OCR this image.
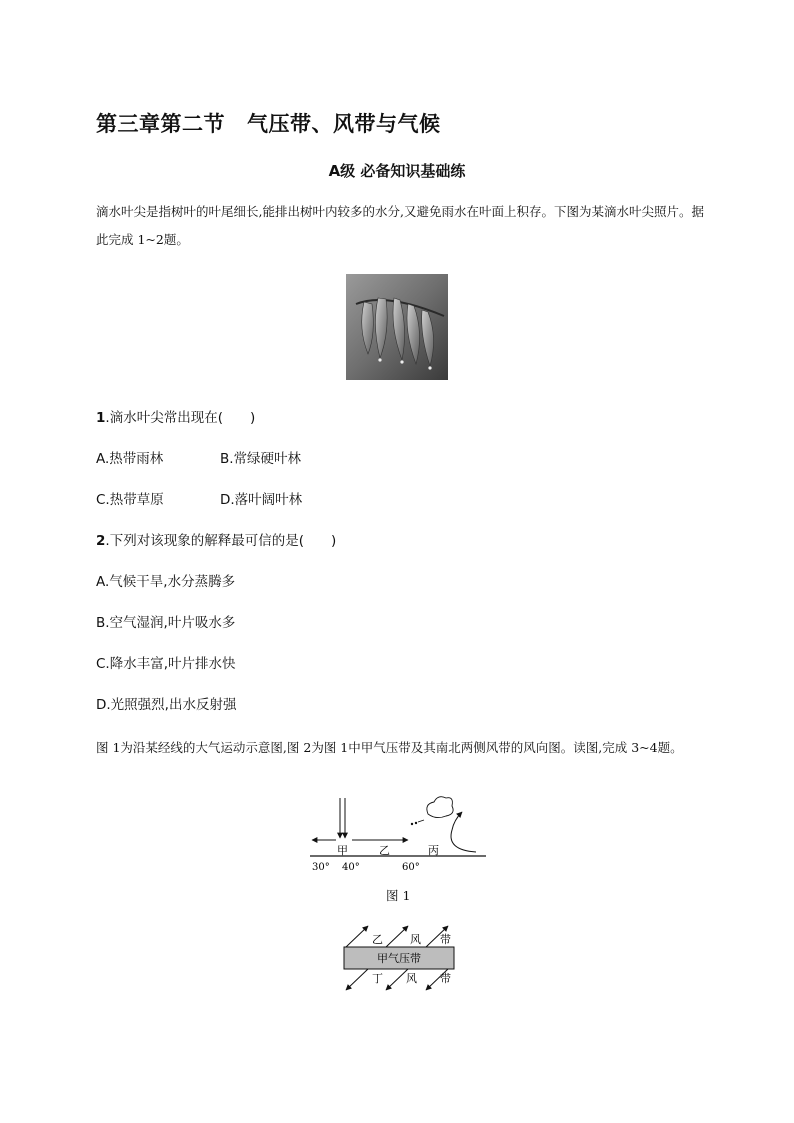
第三章第二节 气压带、风带与气候
A级 必备知识基础练
滴水叶尖是指树叶的叶尾细长,能排出树叶内较多的水分,又避免雨水在叶面上积存。下图为某滴水叶尖照片。据此完成 1~2题。
1.滴水叶尖常出现在(　　)
A.热带雨林	B.常绿硬叶林
C.热带草原	D.落叶阔叶林
2.下列对该现象的解释最可信的是(　　)
A.气候干旱,水分蒸腾多
B.空气湿润,叶片吸水多
C.降水丰富,叶片排水快
D.光照强烈,出水反射强
图 1为沿某经线的大气运动示意图,图 2为图 1中甲气压带及其南北两侧风带的风向图。读图,完成 3~4题。
甲	乙	丙
30° 40°	60°
图 1
乙 风 带
甲气压带
丁 风 带
